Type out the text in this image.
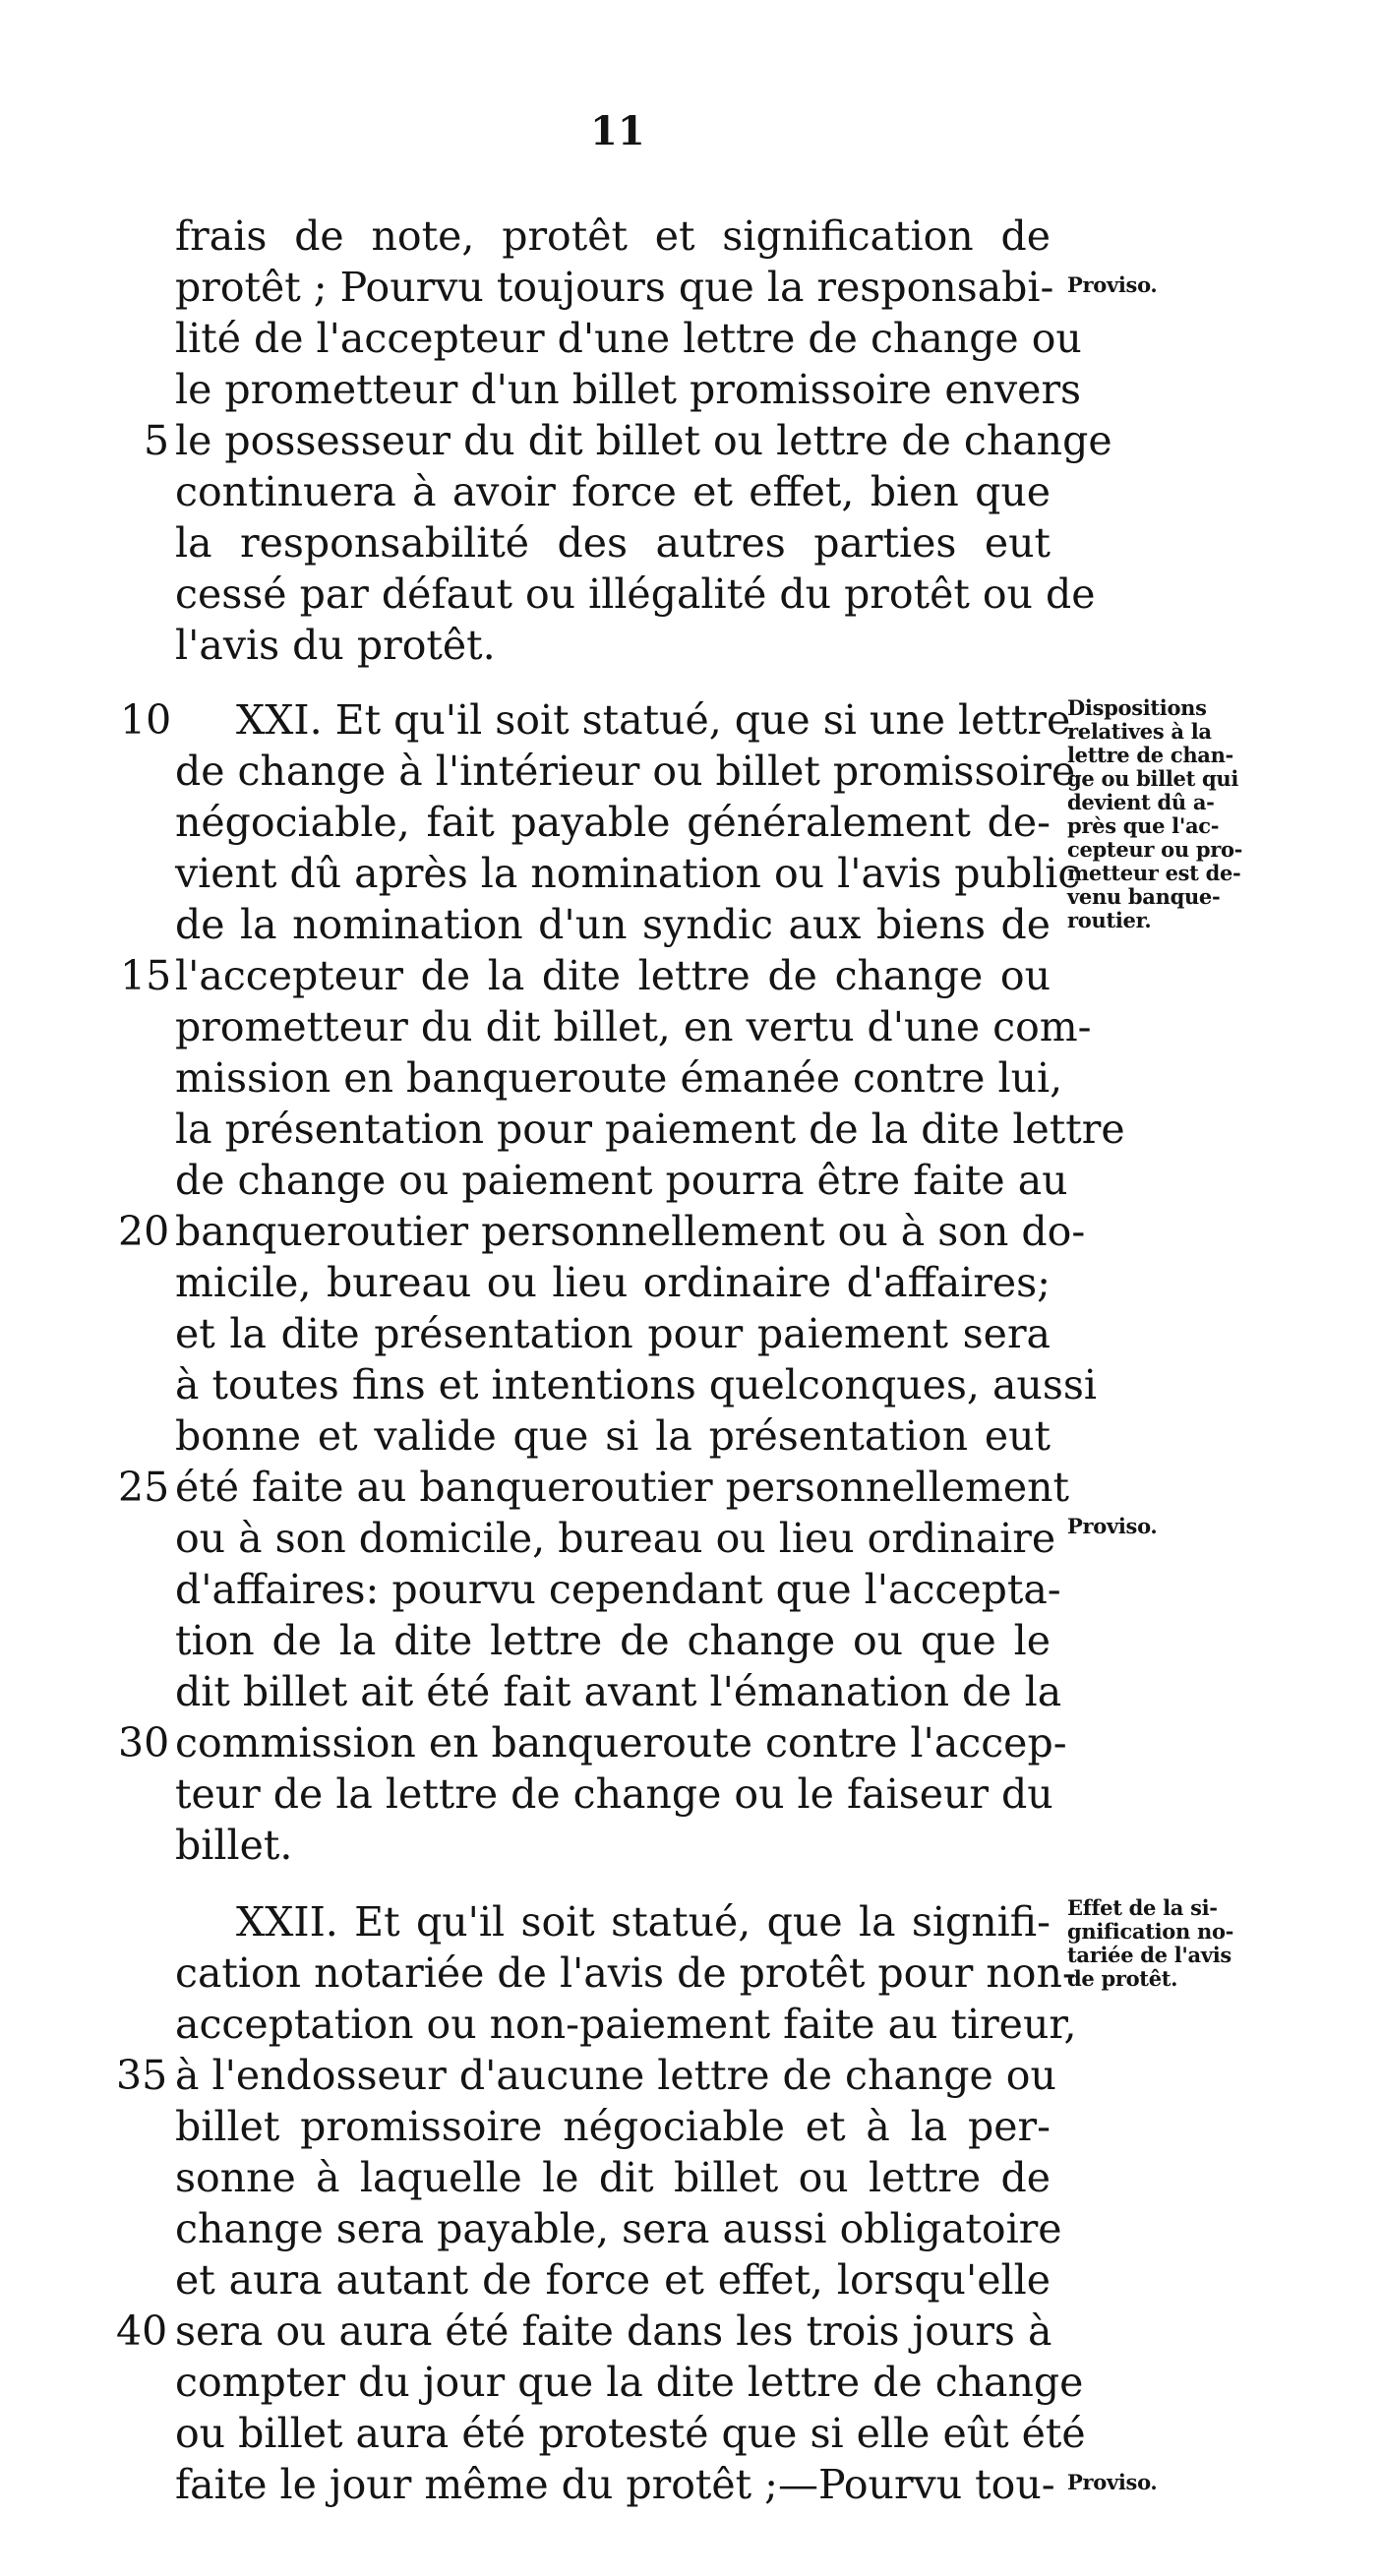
11
frais de note, protêt et signification de
protêt ; Pourvu toujours que la responsabi-
lité de l'accepteur d'une lettre de change ou
le prometteur d'un billet promissoire envers
le possesseur du dit billet ou lettre de change
continuera à avoir force et effet, bien que
la responsabilité des autres parties eut
cessé par défaut ou illégalité du protêt ou de
l'avis du protêt.
XXI. Et qu'il soit statué, que si une lettre
de change à l'intérieur ou billet promissoire
négociable, fait payable généralement de-
vient dû après la nomination ou l'avis public
de la nomination d'un syndic aux biens de
l'accepteur de la dite lettre de change ou
prometteur du dit billet, en vertu d'une com-
mission en banqueroute émanée contre lui,
la présentation pour paiement de la dite lettre
de change ou paiement pourra être faite au
banqueroutier personnellement ou à son do-
micile, bureau ou lieu ordinaire d'affaires;
et la dite présentation pour paiement sera
à toutes fins et intentions quelconques, aussi
bonne et valide que si la présentation eut
été faite au banqueroutier personnellement
ou à son domicile, bureau ou lieu ordinaire
d'affaires: pourvu cependant que l'accepta-
tion de la dite lettre de change ou que le
dit billet ait été fait avant l'émanation de la
commission en banqueroute contre l'accep-
teur de la lettre de change ou le faiseur du
billet.
XXII. Et qu'il soit statué, que la signifi-
cation notariée de l'avis de protêt pour non-
acceptation ou non-paiement faite au tireur,
à l'endosseur d'aucune lettre de change ou
billet promissoire négociable et à la per-
sonne à laquelle le dit billet ou lettre de
change sera payable, sera aussi obligatoire
et aura autant de force et effet, lorsqu'elle
sera ou aura été faite dans les trois jours à
compter du jour que la dite lettre de change
ou billet aura été protesté que si elle eût été
faite le jour même du protêt ;—Pourvu tou-
5
10
15
20
25
30
35
40
Proviso.
Dispositions
relatives à la
lettre de chan-
ge ou billet qui
devient dû a-
près que l'ac-
cepteur ou pro-
metteur est de-
venu banque-
routier.
Proviso.
Effet de la si-
gnification no-
tariée de l'avis
de protêt.
Proviso.
